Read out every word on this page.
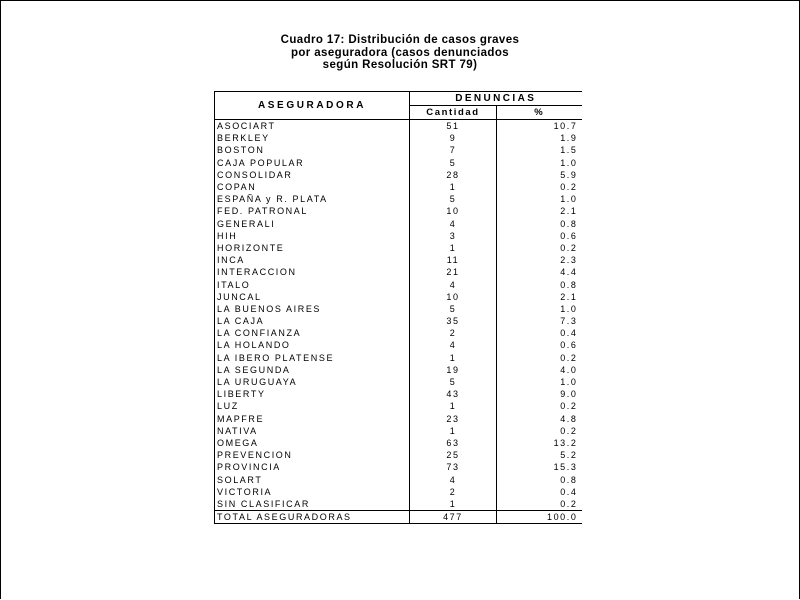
Cuadro 17: Distribución de casos graves
por aseguradora (casos denunciados
según Resolución SRT 79)
ASEGURADORA	DENUNCIAS	
	Cantidad	%
ASOCIART	51	10.7
BERKLEY	9	1.9
BOSTON	7	1.5
CAJA POPULAR	5	1.0
CONSOLIDAR	28	5.9
COPAN	1	0.2
ESPAÑA y R. PLATA	5	1.0
FED. PATRONAL	10	2.1
GENERALI	4	0.8
HIH	3	0.6
HORIZONTE	1	0.2
INCA	11	2.3
INTERACCION	21	4.4
ITALO	4	0.8
JUNCAL	10	2.1
LA BUENOS AIRES	5	1.0
LA CAJA	35	7.3
LA CONFIANZA	2	0.4
LA HOLANDO	4	0.6
LA IBERO PLATENSE	1	0.2
LA SEGUNDA	19	4.0
LA URUGUAYA	5	1.0
LIBERTY	43	9.0
LUZ	1	0.2
MAPFRE	23	4.8
NATIVA	1	0.2
OMEGA	63	13.2
PREVENCION	25	5.2
PROVINCIA	73	15.3
SOLART	4	0.8
VICTORIA	2	0.4
SIN CLASIFICAR	1	0.2
TOTAL ASEGURADORAS	477	100.0
